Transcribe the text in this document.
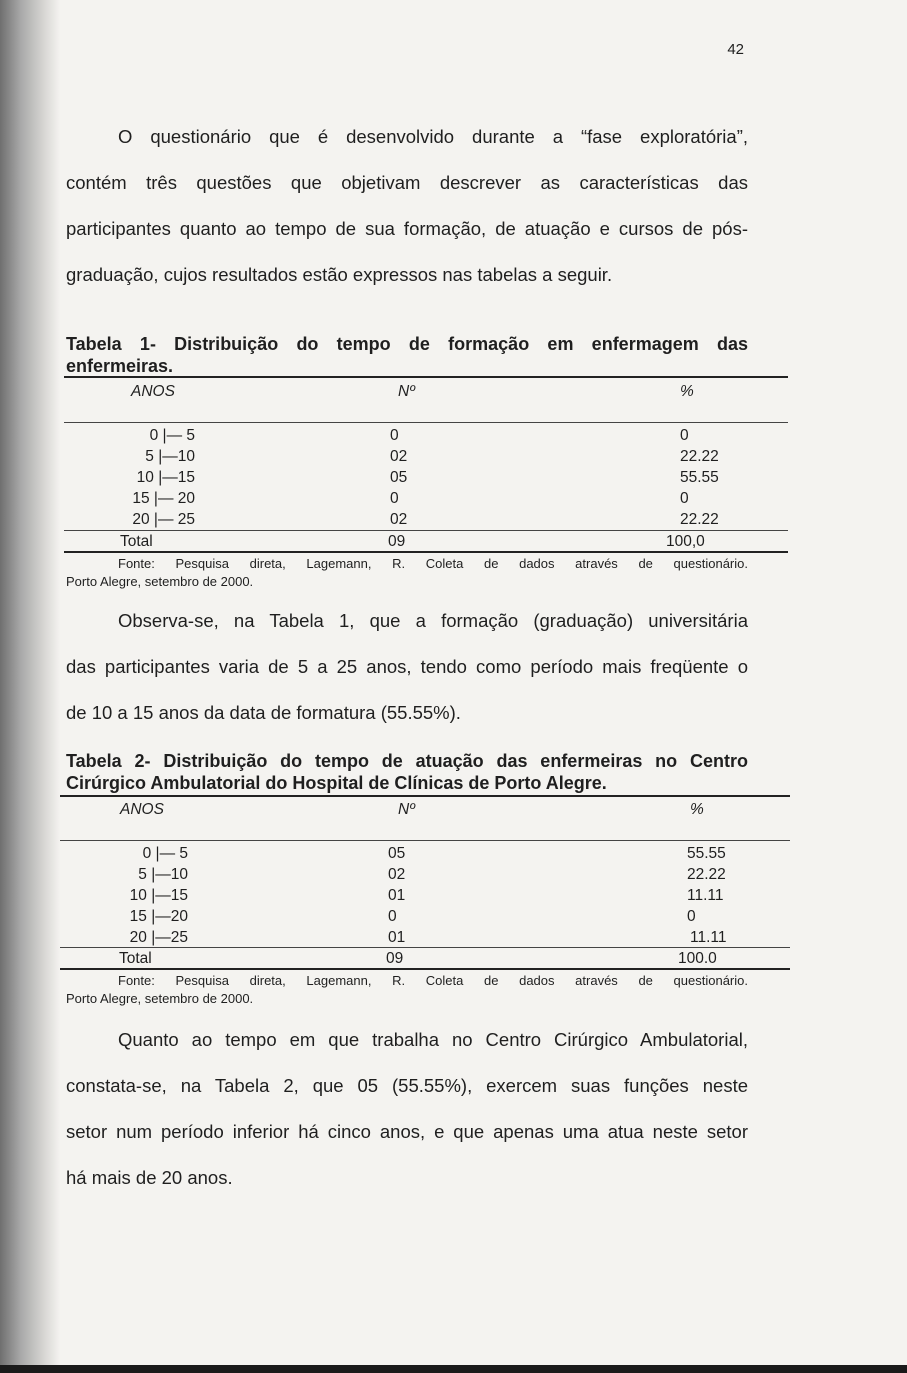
42
O questionário que é desenvolvido durante a “fase exploratória”,
contém três questões que objetivam descrever as características das
participantes quanto ao tempo de sua formação, de atuação e cursos de pós-
graduação, cujos resultados estão expressos nas tabelas a seguir.
Tabela 1- Distribuição do tempo de formação em enfermagem das
enfermeiras.
ANOS	Nº	%
0 |— 5	0	0
5 |—10	02	22.22
10 |—15	05	55.55
15 |— 20	0	0
20 |— 25	02	22.22
Total	09	100,0
Fonte: Pesquisa direta, Lagemann, R. Coleta de dados através de questionário.
Porto Alegre, setembro de 2000.
Observa-se, na Tabela 1, que a formação (graduação) universitária
das participantes varia de 5 a 25 anos, tendo como período mais freqüente o
de 10 a 15 anos da data de formatura (55.55%).
Tabela 2- Distribuição do tempo de atuação das enfermeiras no Centro
Cirúrgico Ambulatorial do Hospital de Clínicas de Porto Alegre.
ANOS	Nº	%
0 |— 5	05	55.55
5 |—10	02	22.22
10 |—15	01	11.11
15 |—20	0	0
20 |—25	01	11.11
Total	09	100.0
Fonte: Pesquisa direta, Lagemann, R. Coleta de dados através de questionário.
Porto Alegre, setembro de 2000.
Quanto ao tempo em que trabalha no Centro Cirúrgico Ambulatorial,
constata-se, na Tabela 2, que 05 (55.55%), exercem suas funções neste
setor num período inferior há cinco anos, e que apenas uma atua neste setor
há mais de 20 anos.
